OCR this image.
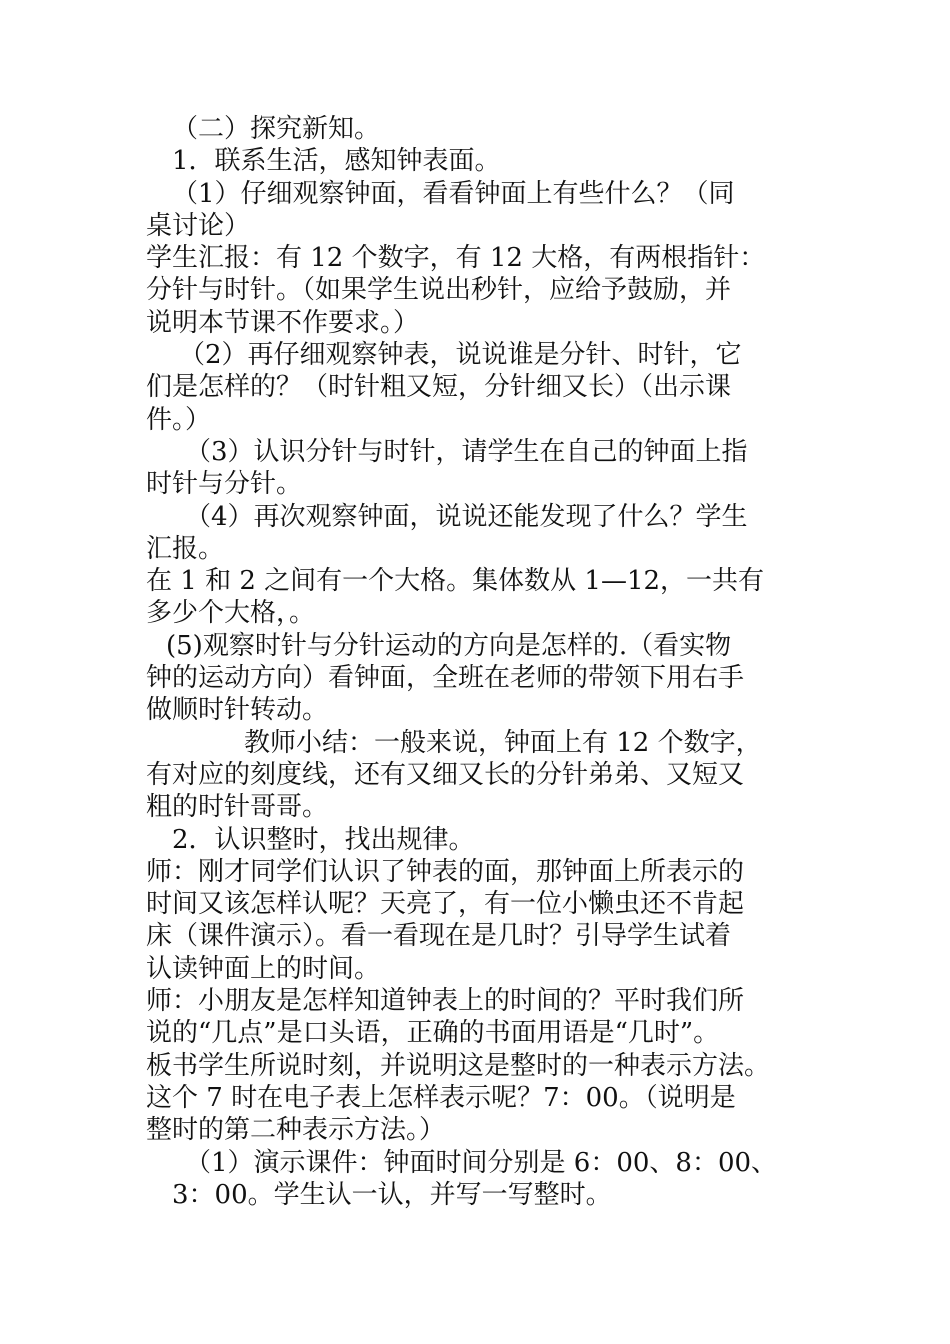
（二）探究新知。
1．联系生活，感知钟表面。
（1）仔细观察钟面，看看钟面上有些什么？（同
桌讨论）
学生汇报：有 12 个数字，有 12 大格，有两根指针：
分针与时针。（如果学生说出秒针，应给予鼓励，并
说明本节课不作要求。）
（2）再仔细观察钟表，说说谁是分针、时针，它
们是怎样的？（时针粗又短，分针细又长）（出示课
件。）
（3）认识分针与时针，请学生在自己的钟面上指
时针与分针。
（4）再次观察钟面，说说还能发现了什么？学生
汇报。
在 1 和 2 之间有一个大格。集体数从 1—12，一共有
多少个大格，。
(5)观察时针与分针运动的方向是怎样的.（看实物
钟的运动方向）看钟面，全班在老师的带领下用右手
做顺时针转动。
教师小结：一般来说，钟面上有 12 个数字，
有对应的刻度线，还有又细又长的分针弟弟、又短又
粗的时针哥哥。
2．认识整时，找出规律。
师：刚才同学们认识了钟表的面，那钟面上所表示的
时间又该怎样认呢？天亮了，有一位小懒虫还不肯起
床（课件演示）。看一看现在是几时？引导学生试着
认读钟面上的时间。
师：小朋友是怎样知道钟表上的时间的？平时我们所
说的“几点”是口头语，正确的书面用语是“几时”。
板书学生所说时刻，并说明这是整时的一种表示方法。
这个 7 时在电子表上怎样表示呢？7：00。（说明是
整时的第二种表示方法。）
（1）演示课件：钟面时间分别是 6：00、8：00、
3：00。学生认一认，并写一写整时。
